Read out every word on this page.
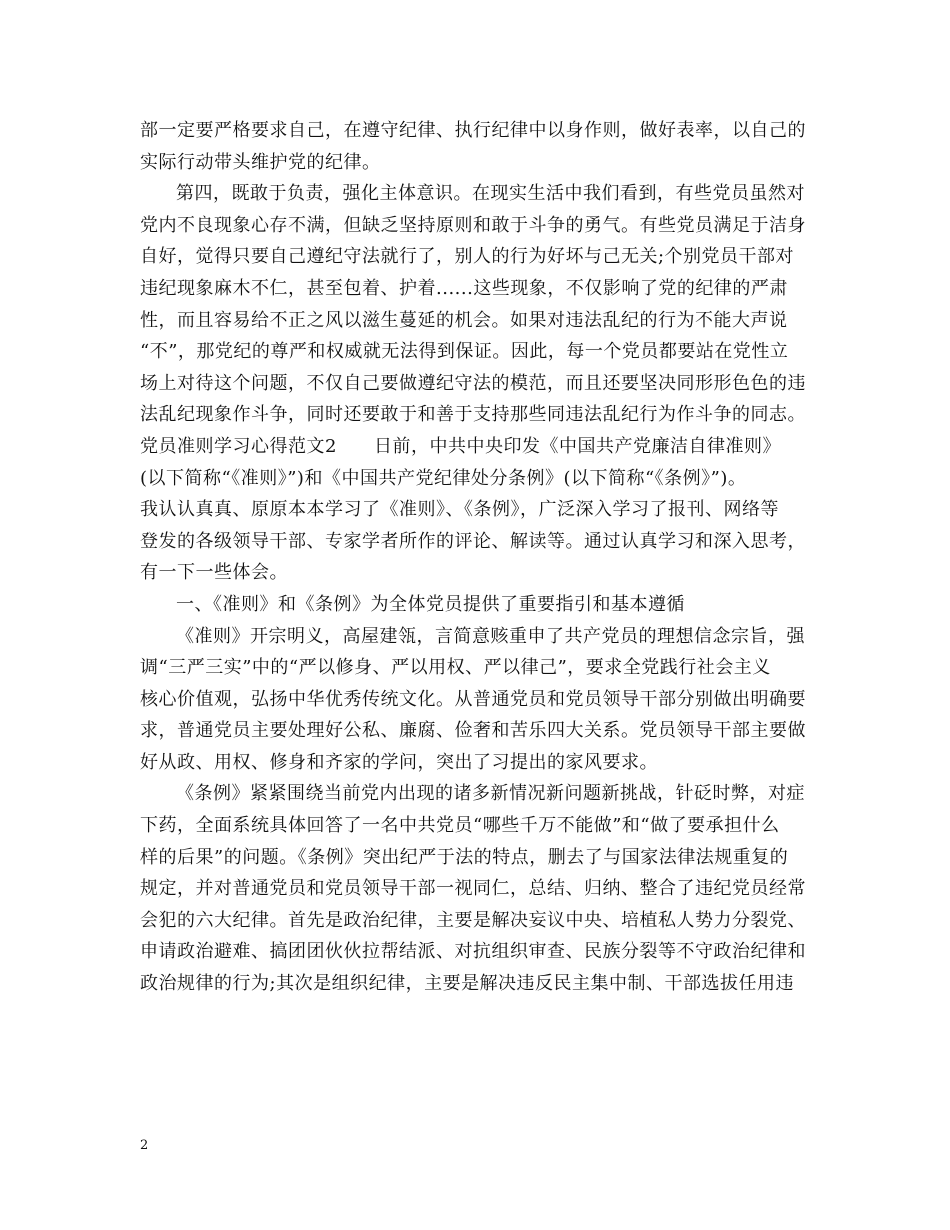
部一定要严格要求自己，在遵守纪律、执行纪律中以身作则，做好表率，以自己的
实际行动带头维护党的纪律。
第四，既敢于负责，强化主体意识。在现实生活中我们看到，有些党员虽然对
党内不良现象心存不满，但缺乏坚持原则和敢于斗争的勇气。有些党员满足于洁身
自好，觉得只要自己遵纪守法就行了，别人的行为好坏与己无关;个别党员干部对
违纪现象麻木不仁，甚至包着、护着......这些现象，不仅影响了党的纪律的严肃
性，而且容易给不正之风以滋生蔓延的机会。如果对违法乱纪的行为不能大声说
“不”，那党纪的尊严和权威就无法得到保证。因此，每一个党员都要站在党性立
场上对待这个问题，不仅自己要做遵纪守法的模范，而且还要坚决同形形色色的违
法乱纪现象作斗争，同时还要敢于和善于支持那些同违法乱纪行为作斗争的同志。
党员准则学习心得范文2　　日前，中共中央印发《中国共产党廉洁自律准则》
(以下简称“《准则》”)和《中国共产党纪律处分条例》(以下简称“《条例》”)。
我认认真真、原原本本学习了《准则》、《条例》，广泛深入学习了报刊、网络等
登发的各级领导干部、专家学者所作的评论、解读等。通过认真学习和深入思考，
有一下一些体会。
一、《准则》和《条例》为全体党员提供了重要指引和基本遵循
《准则》开宗明义，高屋建瓴，言简意赅重申了共产党员的理想信念宗旨，强
调“三严三实”中的“严以修身、严以用权、严以律己”，要求全党践行社会主义
核心价值观，弘扬中华优秀传统文化。从普通党员和党员领导干部分别做出明确要
求，普通党员主要处理好公私、廉腐、俭奢和苦乐四大关系。党员领导干部主要做
好从政、用权、修身和齐家的学问，突出了习提出的家风要求。
《条例》紧紧围绕当前党内出现的诸多新情况新问题新挑战，针砭时弊，对症
下药，全面系统具体回答了一名中共党员“哪些千万不能做”和“做了要承担什么
样的后果”的问题。《条例》突出纪严于法的特点，删去了与国家法律法规重复的
规定，并对普通党员和党员领导干部一视同仁，总结、归纳、整合了违纪党员经常
会犯的六大纪律。首先是政治纪律，主要是解决妄议中央、培植私人势力分裂党、
申请政治避难、搞团团伙伙拉帮结派、对抗组织审查、民族分裂等不守政治纪律和
政治规律的行为;其次是组织纪律，主要是解决违反民主集中制、干部选拔任用违
2
